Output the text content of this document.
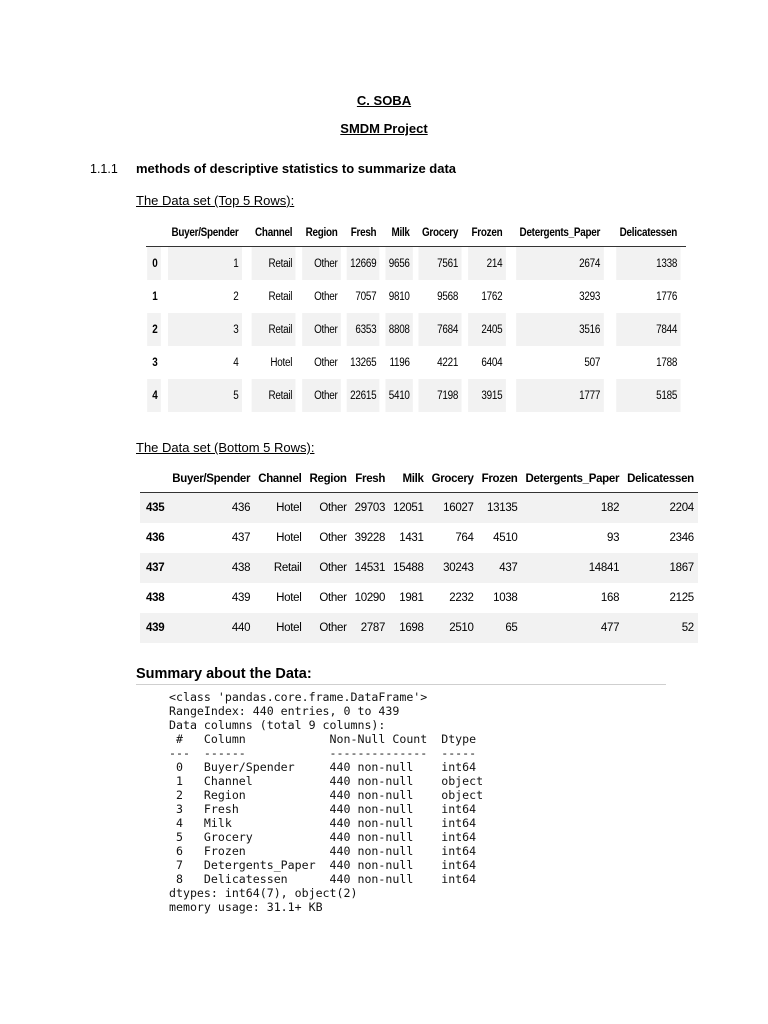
C. SOBA
SMDM Project
1.1.1 methods of descriptive statistics to summarize data
The Data set (Top 5 Rows):
	Buyer/Spender	Channel	Region	Fresh	Milk	Grocery	Frozen	Detergents_Paper	Delicatessen
0	1	Retail	Other	12669	9656	7561	214	2674	1338
1	2	Retail	Other	7057	9810	9568	1762	3293	1776
2	3	Retail	Other	6353	8808	7684	2405	3516	7844
3	4	Hotel	Other	13265	1196	4221	6404	507	1788
4	5	Retail	Other	22615	5410	7198	3915	1777	5185
The Data set (Bottom 5 Rows):
	Buyer/Spender	Channel	Region	Fresh	Milk	Grocery	Frozen	Detergents_Paper	Delicatessen
435	436	Hotel	Other	29703	12051	16027	13135	182	2204
436	437	Hotel	Other	39228	1431	764	4510	93	2346
437	438	Retail	Other	14531	15488	30243	437	14841	1867
438	439	Hotel	Other	10290	1981	2232	1038	168	2125
439	440	Hotel	Other	2787	1698	2510	65	477	52
Summary about the Data:
<class 'pandas.core.frame.DataFrame'>
RangeIndex: 440 entries, 0 to 439
Data columns (total 9 columns):
#   Column            Non-Null Count  Dtype
---  ------            --------------  -----
0   Buyer/Spender     440 non-null    int64
1   Channel           440 non-null    object
2   Region            440 non-null    object
3   Fresh             440 non-null    int64
4   Milk              440 non-null    int64
5   Grocery           440 non-null    int64
6   Frozen            440 non-null    int64
7   Detergents_Paper  440 non-null    int64
8   Delicatessen      440 non-null    int64
dtypes: int64(7), object(2)
memory usage: 31.1+ KB
